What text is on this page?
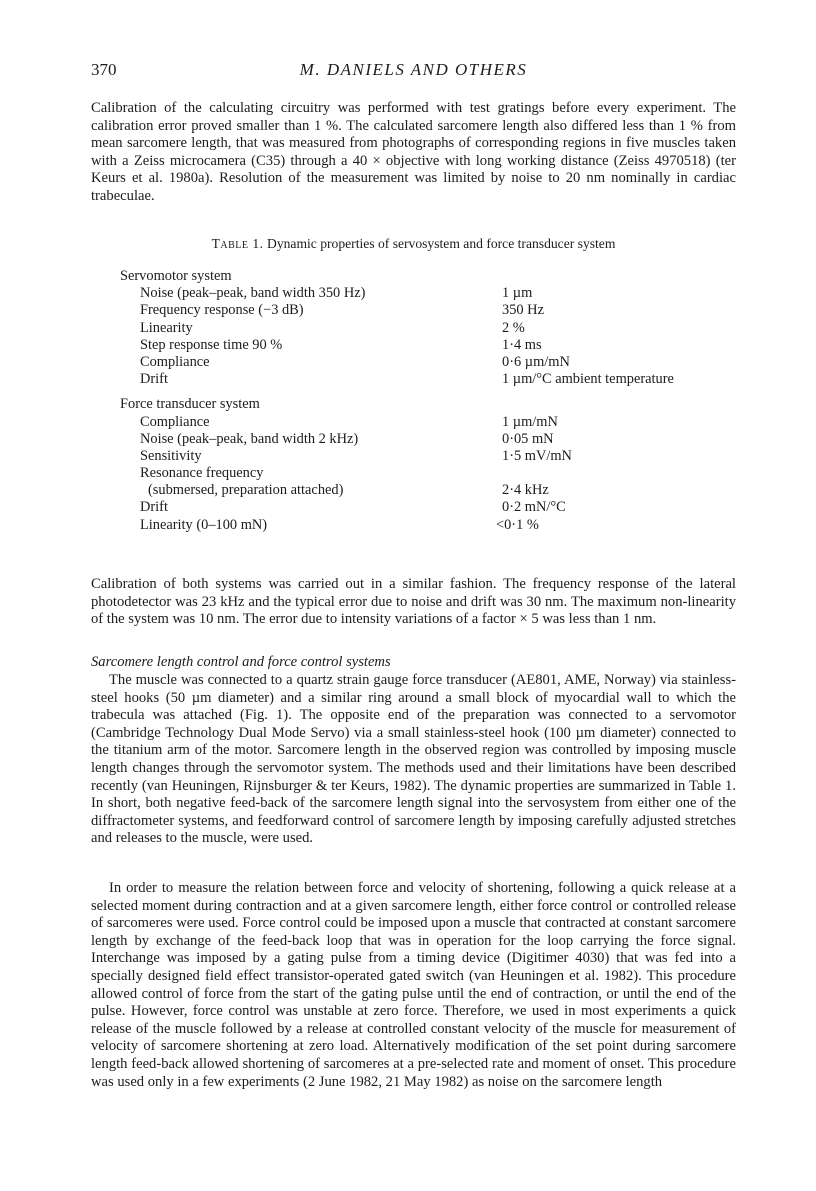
370	M. DANIELS AND OTHERS

Calibration of the calculating circuitry was performed with test gratings before every experiment. The calibration error proved smaller than 1 %. The calculated sarcomere length also differed less than 1 % from mean sarcomere length, that was measured from photographs of corresponding regions in five muscles taken with a Zeiss microcamera (C35) through a 40 × objective with long working distance (Zeiss 4970518) (ter Keurs et al. 1980a). Resolution of the measurement was limited by noise to 20 nm nominally in cardiac trabeculae.

Table 1. Dynamic properties of servosystem and force transducer system

Servomotor system
Noise (peak–peak, band width 350 Hz)	1 µm
Frequency response (−3 dB)	350 Hz
Linearity	2 %
Step response time 90 %	1·4 ms
Compliance	0·6 µm/mN
Drift	1 µm/°C ambient temperature
Force transducer system
Compliance	1 µm/mN
Noise (peak–peak, band width 2 kHz)	0·05 mN
Sensitivity	1·5 mV/mN
Resonance frequency
(submersed, preparation attached)	2·4 kHz
Drift	0·2 mN/°C
Linearity (0–100 mN)	<0·1 %

Calibration of both systems was carried out in a similar fashion. The frequency response of the lateral photodetector was 23 kHz and the typical error due to noise and drift was 30 nm. The maximum non-linearity of the system was 10 nm. The error due to intensity variations of a factor × 5 was less than 1 nm.

Sarcomere length control and force control systems

The muscle was connected to a quartz strain gauge force transducer (AE801, AME, Norway) via stainless-steel hooks (50 µm diameter) and a similar ring around a small block of myocardial wall to which the trabecula was attached (Fig. 1). The opposite end of the preparation was connected to a servomotor (Cambridge Technology Dual Mode Servo) via a small stainless-steel hook (100 µm diameter) connected to the titanium arm of the motor. Sarcomere length in the observed region was controlled by imposing muscle length changes through the servomotor system. The methods used and their limitations have been described recently (van Heuningen, Rijnsburger & ter Keurs, 1982). The dynamic properties are summarized in Table 1. In short, both negative feed-back of the sarcomere length signal into the servosystem from either one of the diffractometer systems, and feedforward control of sarcomere length by imposing carefully adjusted stretches and releases to the muscle, were used.

In order to measure the relation between force and velocity of shortening, following a quick release at a selected moment during contraction and at a given sarcomere length, either force control or controlled release of sarcomeres were used. Force control could be imposed upon a muscle that contracted at constant sarcomere length by exchange of the feed-back loop that was in operation for the loop carrying the force signal. Interchange was imposed by a gating pulse from a timing device (Digitimer 4030) that was fed into a specially designed field effect transistor-operated gated switch (van Heuningen et al. 1982). This procedure allowed control of force from the start of the gating pulse until the end of contraction, or until the end of the pulse. However, force control was unstable at zero force. Therefore, we used in most experiments a quick release of the muscle followed by a release at controlled constant velocity of the muscle for measurement of velocity of sarcomere shortening at zero load. Alternatively modification of the set point during sarcomere length feed-back allowed shortening of sarcomeres at a pre-selected rate and moment of onset. This procedure was used only in a few experiments (2 June 1982, 21 May 1982) as noise on the sarcomere length
